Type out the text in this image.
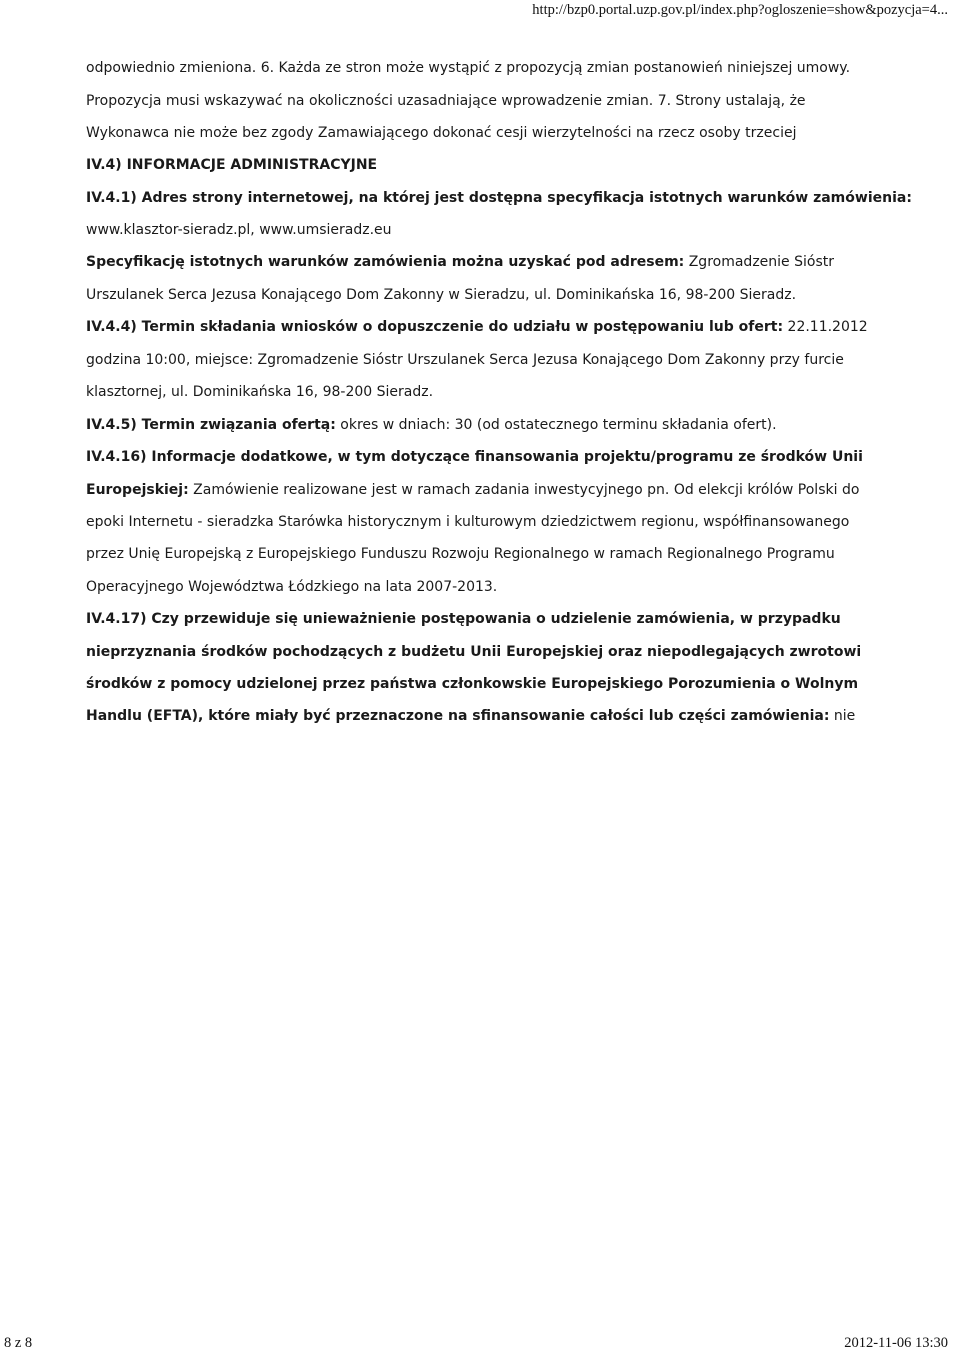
http://bzp0.portal.uzp.gov.pl/index.php?ogloszenie=show&pozycja=4...
odpowiednio zmieniona. 6. Każda ze stron może wystąpić z propozycją zmian postanowień niniejszej umowy.
Propozycja musi wskazywać na okoliczności uzasadniające wprowadzenie zmian. 7. Strony ustalają, że
Wykonawca nie może bez zgody Zamawiającego dokonać cesji wierzytelności na rzecz osoby trzeciej
IV.4) INFORMACJE ADMINISTRACYJNE
IV.4.1) Adres strony internetowej, na której jest dostępna specyfikacja istotnych warunków zamówienia:
www.klasztor-sieradz.pl, www.umsieradz.eu
Specyfikację istotnych warunków zamówienia można uzyskać pod adresem: Zgromadzenie Sióstr
Urszulanek Serca Jezusa Konającego Dom Zakonny w Sieradzu, ul. Dominikańska 16, 98-200 Sieradz.
IV.4.4) Termin składania wniosków o dopuszczenie do udziału w postępowaniu lub ofert: 22.11.2012
godzina 10:00, miejsce: Zgromadzenie Sióstr Urszulanek Serca Jezusa Konającego Dom Zakonny przy furcie
klasztornej, ul. Dominikańska 16, 98-200 Sieradz.
IV.4.5) Termin związania ofertą: okres w dniach: 30 (od ostatecznego terminu składania ofert).
IV.4.16) Informacje dodatkowe, w tym dotyczące finansowania projektu/programu ze środków Unii
Europejskiej: Zamówienie realizowane jest w ramach zadania inwestycyjnego pn. Od elekcji królów Polski do
epoki Internetu - sieradzka Starówka historycznym i kulturowym dziedzictwem regionu, współfinansowanego
przez Unię Europejską z Europejskiego Funduszu Rozwoju Regionalnego w ramach Regionalnego Programu
Operacyjnego Województwa Łódzkiego na lata 2007-2013.
IV.4.17) Czy przewiduje się unieważnienie postępowania o udzielenie zamówienia, w przypadku
nieprzyznania środków pochodzących z budżetu Unii Europejskiej oraz niepodlegających zwrotowi
środków z pomocy udzielonej przez państwa członkowskie Europejskiego Porozumienia o Wolnym
Handlu (EFTA), które miały być przeznaczone na sfinansowanie całości lub części zamówienia: nie
8 z 8	2012-11-06 13:30
